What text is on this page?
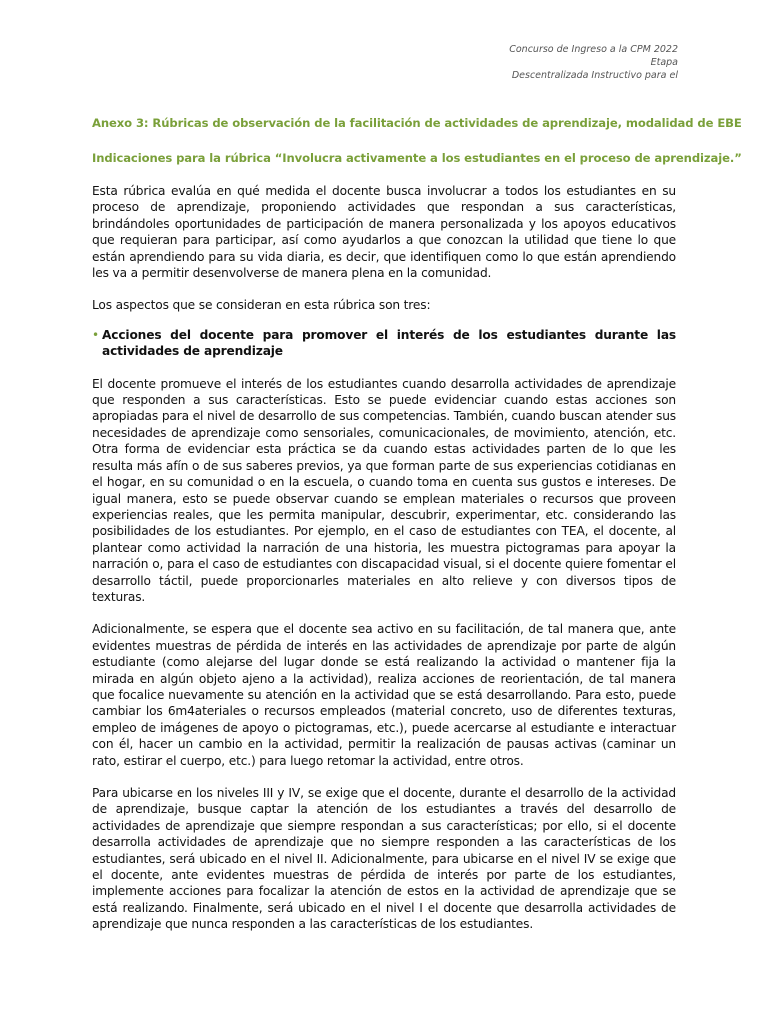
Concurso de Ingreso a la CPM 2022
Etapa
Descentralizada Instructivo para el
Anexo 3: Rúbricas de observación de la facilitación de actividades de aprendizaje, modalidad de EBE
Indicaciones para la rúbrica “Involucra activamente a los estudiantes en el proceso de aprendizaje.”

Esta rúbrica evalúa en qué medida el docente busca involucrar a todos los estudiantes en su proceso de aprendizaje, proponiendo actividades que respondan a sus características, brindándoles oportunidades de participación de manera personalizada y los apoyos educativos que requieran para participar, así como ayudarlos a que conozcan la utilidad que tiene lo que están aprendiendo para su vida diaria, es decir, que identifiquen como lo que están aprendiendo les va a permitir desenvolverse de manera plena en la comunidad.

Los aspectos que se consideran en esta rúbrica son tres:

• Acciones del docente para promover el interés de los estudiantes durante las actividades de aprendizaje

El docente promueve el interés de los estudiantes cuando desarrolla actividades de aprendizaje que responden a sus características. Esto se puede evidenciar cuando estas acciones son apropiadas para el nivel de desarrollo de sus competencias. También, cuando buscan atender sus necesidades de aprendizaje como sensoriales, comunicacionales, de movimiento, atención, etc. Otra forma de evidenciar esta práctica se da cuando estas actividades parten de lo que les resulta más afín o de sus saberes previos, ya que forman parte de sus experiencias cotidianas en el hogar, en su comunidad o en la escuela, o cuando toma en cuenta sus gustos e intereses. De igual manera, esto se puede observar cuando se emplean materiales o recursos que proveen experiencias reales, que les permita manipular, descubrir, experimentar, etc. considerando las posibilidades de los estudiantes. Por ejemplo, en el caso de estudiantes con TEA, el docente, al plantear como actividad la narración de una historia, les muestra pictogramas para apoyar la narración o, para el caso de estudiantes con discapacidad visual, si el docente quiere fomentar el desarrollo táctil, puede proporcionarles materiales en alto relieve y con diversos tipos de texturas.

Adicionalmente, se espera que el docente sea activo en su facilitación, de tal manera que, ante evidentes muestras de pérdida de interés en las actividades de aprendizaje por parte de algún estudiante (como alejarse del lugar donde se está realizando la actividad o mantener fija la mirada en algún objeto ajeno a la actividad), realiza acciones de reorientación, de tal manera que focalice nuevamente su atención en la actividad que se está desarrollando. Para esto, puede cambiar los 6m4ateriales o recursos empleados (material concreto, uso de diferentes texturas, empleo de imágenes de apoyo o pictogramas, etc.), puede acercarse al estudiante e interactuar con él, hacer un cambio en la actividad, permitir la realización de pausas activas (caminar un rato, estirar el cuerpo, etc.) para luego retomar la actividad, entre otros.

Para ubicarse en los niveles III y IV, se exige que el docente, durante el desarrollo de la actividad de aprendizaje, busque captar la atención de los estudiantes a través del desarrollo de actividades de aprendizaje que siempre respondan a sus características; por ello, si el docente desarrolla actividades de aprendizaje que no siempre responden a las características de los estudiantes, será ubicado en el nivel II. Adicionalmente, para ubicarse en el nivel IV se exige que el docente, ante evidentes muestras de pérdida de interés por parte de los estudiantes, implemente acciones para focalizar la atención de estos en la actividad de aprendizaje que se está realizando. Finalmente, será ubicado en el nivel I el docente que desarrolla actividades de aprendizaje que nunca responden a las características de los estudiantes.
